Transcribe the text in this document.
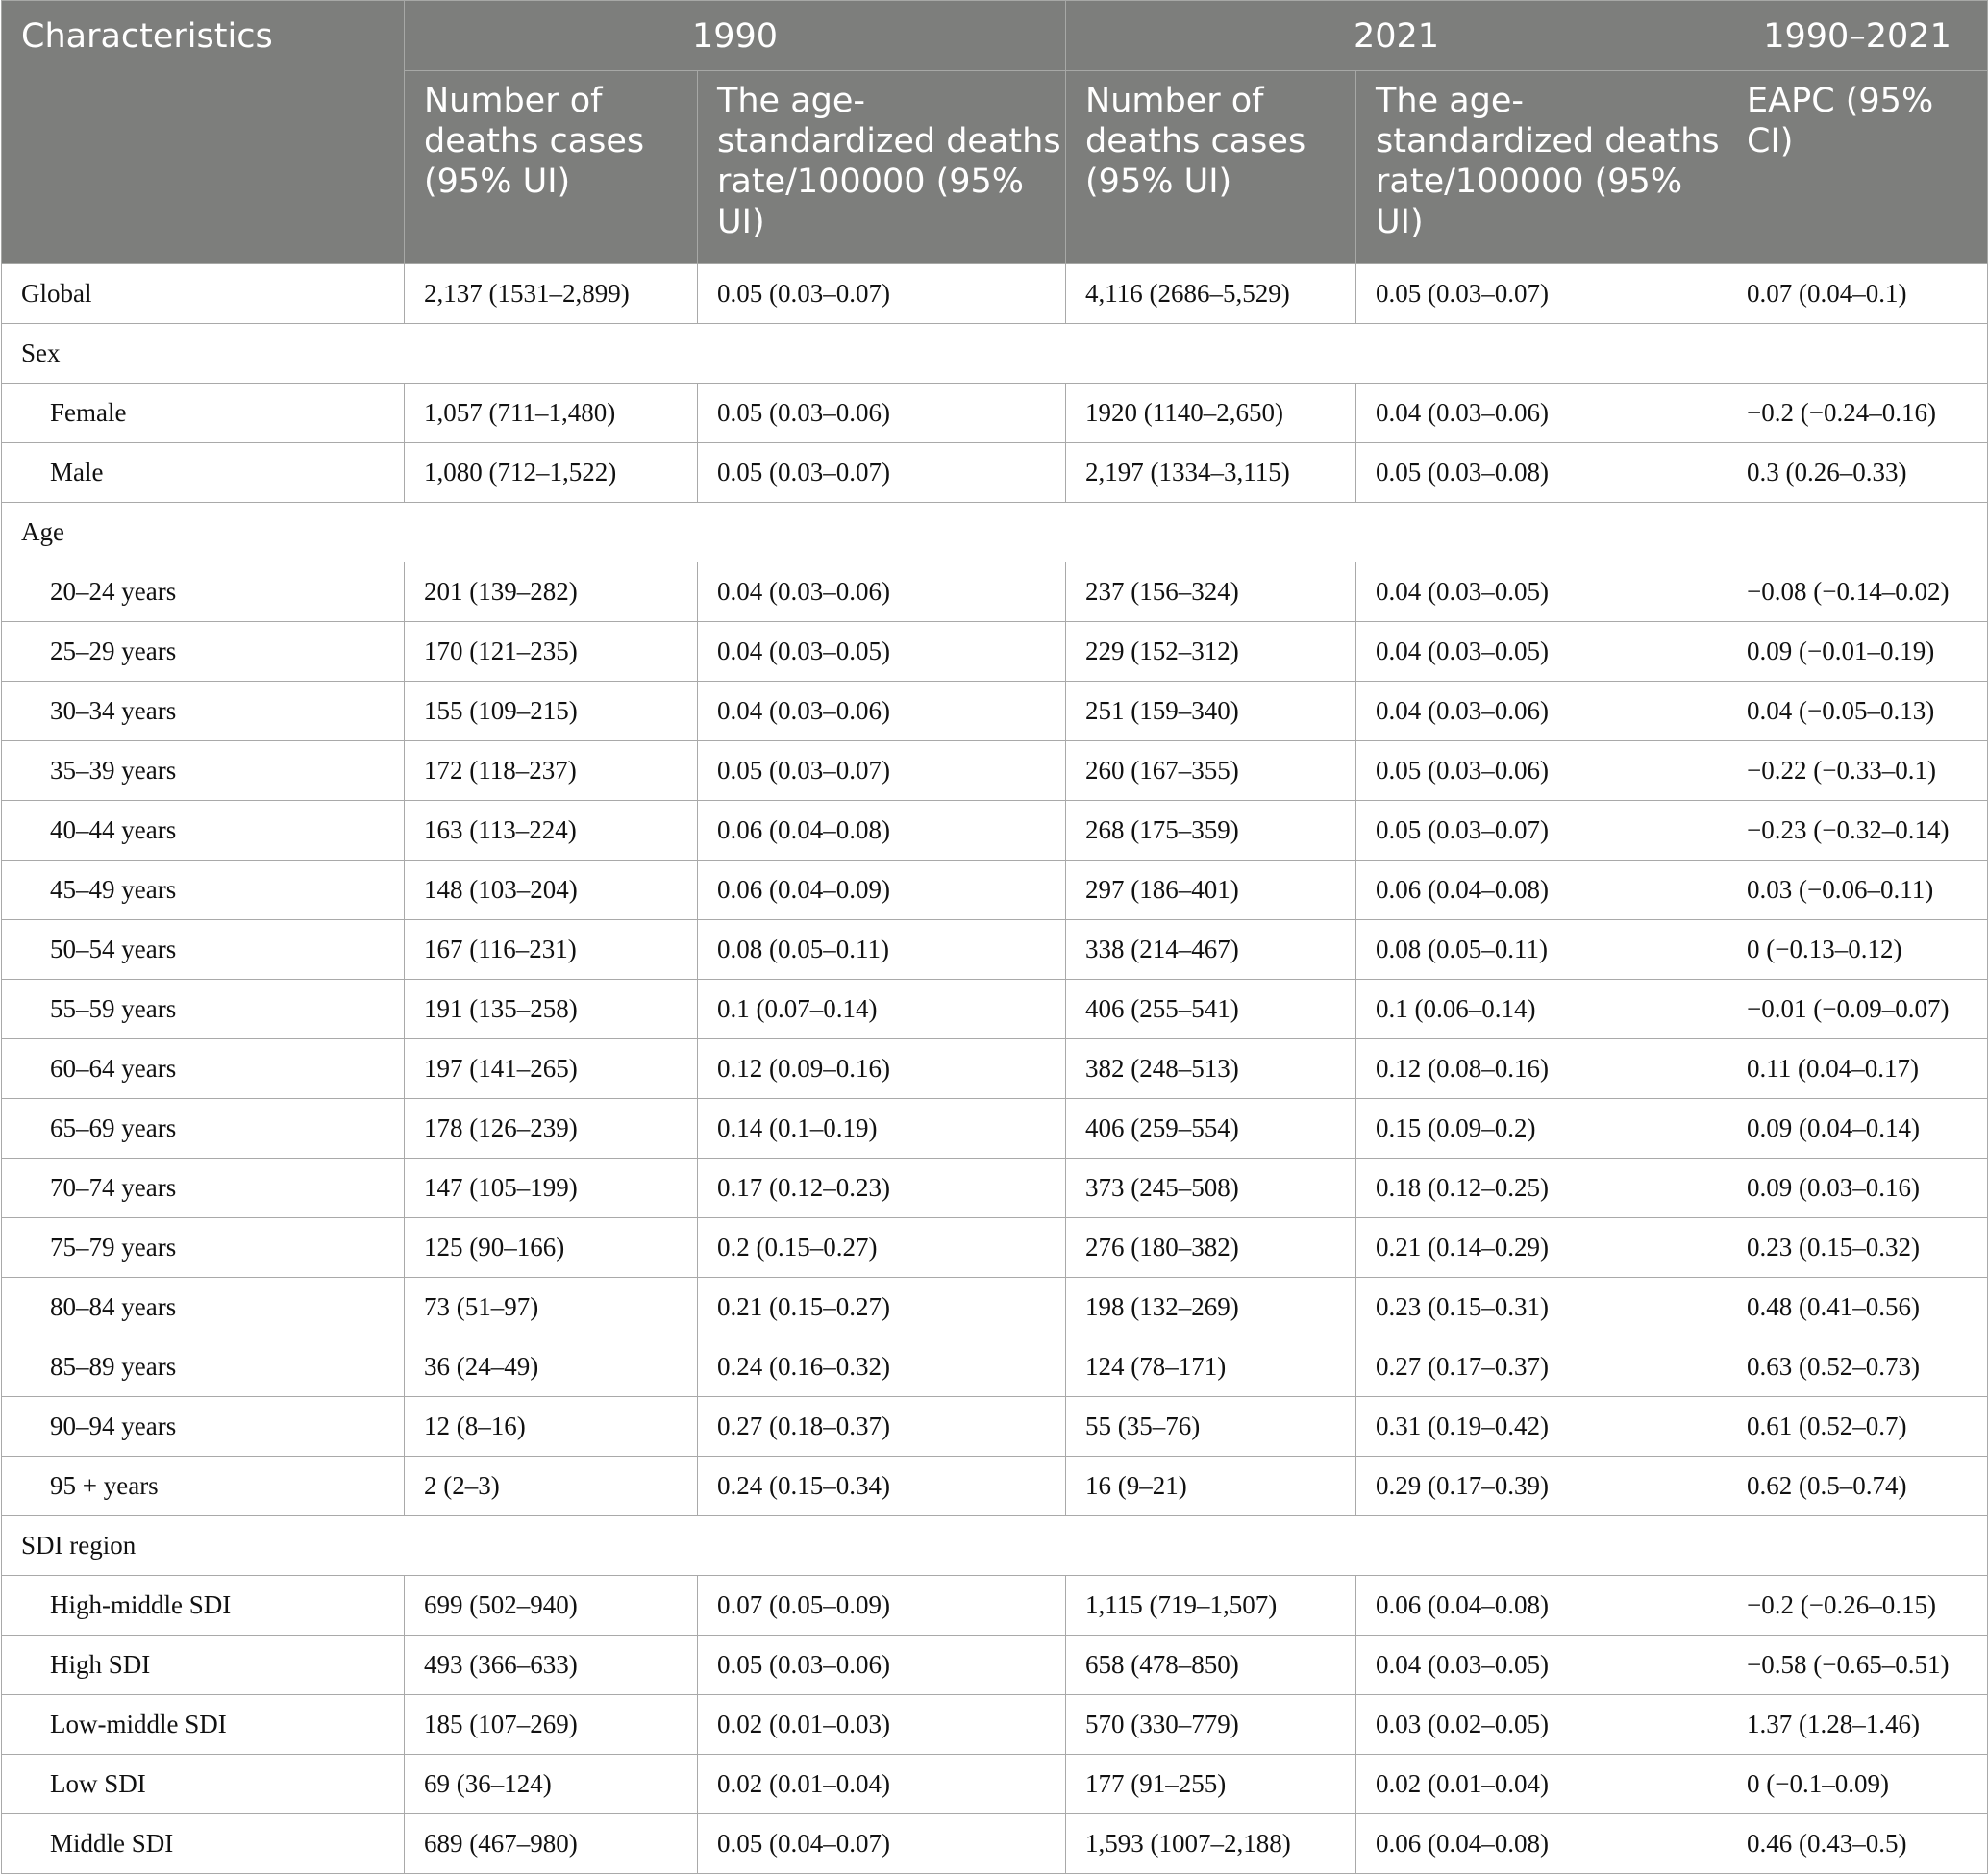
Characteristics	1990		2021		1990–2021
	Number of deaths cases (95% UI)	The age-standardized deaths rate/100000 (95% UI)	Number of deaths cases (95% UI)	The age-standardized deaths rate/100000 (95% UI)	EAPC (95% CI)
Global	2,137 (1531–2,899)	0.05 (0.03–0.07)	4,116 (2686–5,529)	0.05 (0.03–0.07)	0.07 (0.04–0.1)
Sex					
Female	1,057 (711–1,480)	0.05 (0.03–0.06)	1920 (1140–2,650)	0.04 (0.03–0.06)	−0.2 (−0.24–0.16)
Male	1,080 (712–1,522)	0.05 (0.03–0.07)	2,197 (1334–3,115)	0.05 (0.03–0.08)	0.3 (0.26–0.33)
Age					
20–24 years	201 (139–282)	0.04 (0.03–0.06)	237 (156–324)	0.04 (0.03–0.05)	−0.08 (−0.14–0.02)
25–29 years	170 (121–235)	0.04 (0.03–0.05)	229 (152–312)	0.04 (0.03–0.05)	0.09 (−0.01–0.19)
30–34 years	155 (109–215)	0.04 (0.03–0.06)	251 (159–340)	0.04 (0.03–0.06)	0.04 (−0.05–0.13)
35–39 years	172 (118–237)	0.05 (0.03–0.07)	260 (167–355)	0.05 (0.03–0.06)	−0.22 (−0.33–0.1)
40–44 years	163 (113–224)	0.06 (0.04–0.08)	268 (175–359)	0.05 (0.03–0.07)	−0.23 (−0.32–0.14)
45–49 years	148 (103–204)	0.06 (0.04–0.09)	297 (186–401)	0.06 (0.04–0.08)	0.03 (−0.06–0.11)
50–54 years	167 (116–231)	0.08 (0.05–0.11)	338 (214–467)	0.08 (0.05–0.11)	0 (−0.13–0.12)
55–59 years	191 (135–258)	0.1 (0.07–0.14)	406 (255–541)	0.1 (0.06–0.14)	−0.01 (−0.09–0.07)
60–64 years	197 (141–265)	0.12 (0.09–0.16)	382 (248–513)	0.12 (0.08–0.16)	0.11 (0.04–0.17)
65–69 years	178 (126–239)	0.14 (0.1–0.19)	406 (259–554)	0.15 (0.09–0.2)	0.09 (0.04–0.14)
70–74 years	147 (105–199)	0.17 (0.12–0.23)	373 (245–508)	0.18 (0.12–0.25)	0.09 (0.03–0.16)
75–79 years	125 (90–166)	0.2 (0.15–0.27)	276 (180–382)	0.21 (0.14–0.29)	0.23 (0.15–0.32)
80–84 years	73 (51–97)	0.21 (0.15–0.27)	198 (132–269)	0.23 (0.15–0.31)	0.48 (0.41–0.56)
85–89 years	36 (24–49)	0.24 (0.16–0.32)	124 (78–171)	0.27 (0.17–0.37)	0.63 (0.52–0.73)
90–94 years	12 (8–16)	0.27 (0.18–0.37)	55 (35–76)	0.31 (0.19–0.42)	0.61 (0.52–0.7)
95 + years	2 (2–3)	0.24 (0.15–0.34)	16 (9–21)	0.29 (0.17–0.39)	0.62 (0.5–0.74)
SDI region					
High-middle SDI	699 (502–940)	0.07 (0.05–0.09)	1,115 (719–1,507)	0.06 (0.04–0.08)	−0.2 (−0.26–0.15)
High SDI	493 (366–633)	0.05 (0.03–0.06)	658 (478–850)	0.04 (0.03–0.05)	−0.58 (−0.65–0.51)
Low-middle SDI	185 (107–269)	0.02 (0.01–0.03)	570 (330–779)	0.03 (0.02–0.05)	1.37 (1.28–1.46)
Low SDI	69 (36–124)	0.02 (0.01–0.04)	177 (91–255)	0.02 (0.01–0.04)	0 (−0.1–0.09)
Middle SDI	689 (467–980)	0.05 (0.04–0.07)	1,593 (1007–2,188)	0.06 (0.04–0.08)	0.46 (0.43–0.5)
